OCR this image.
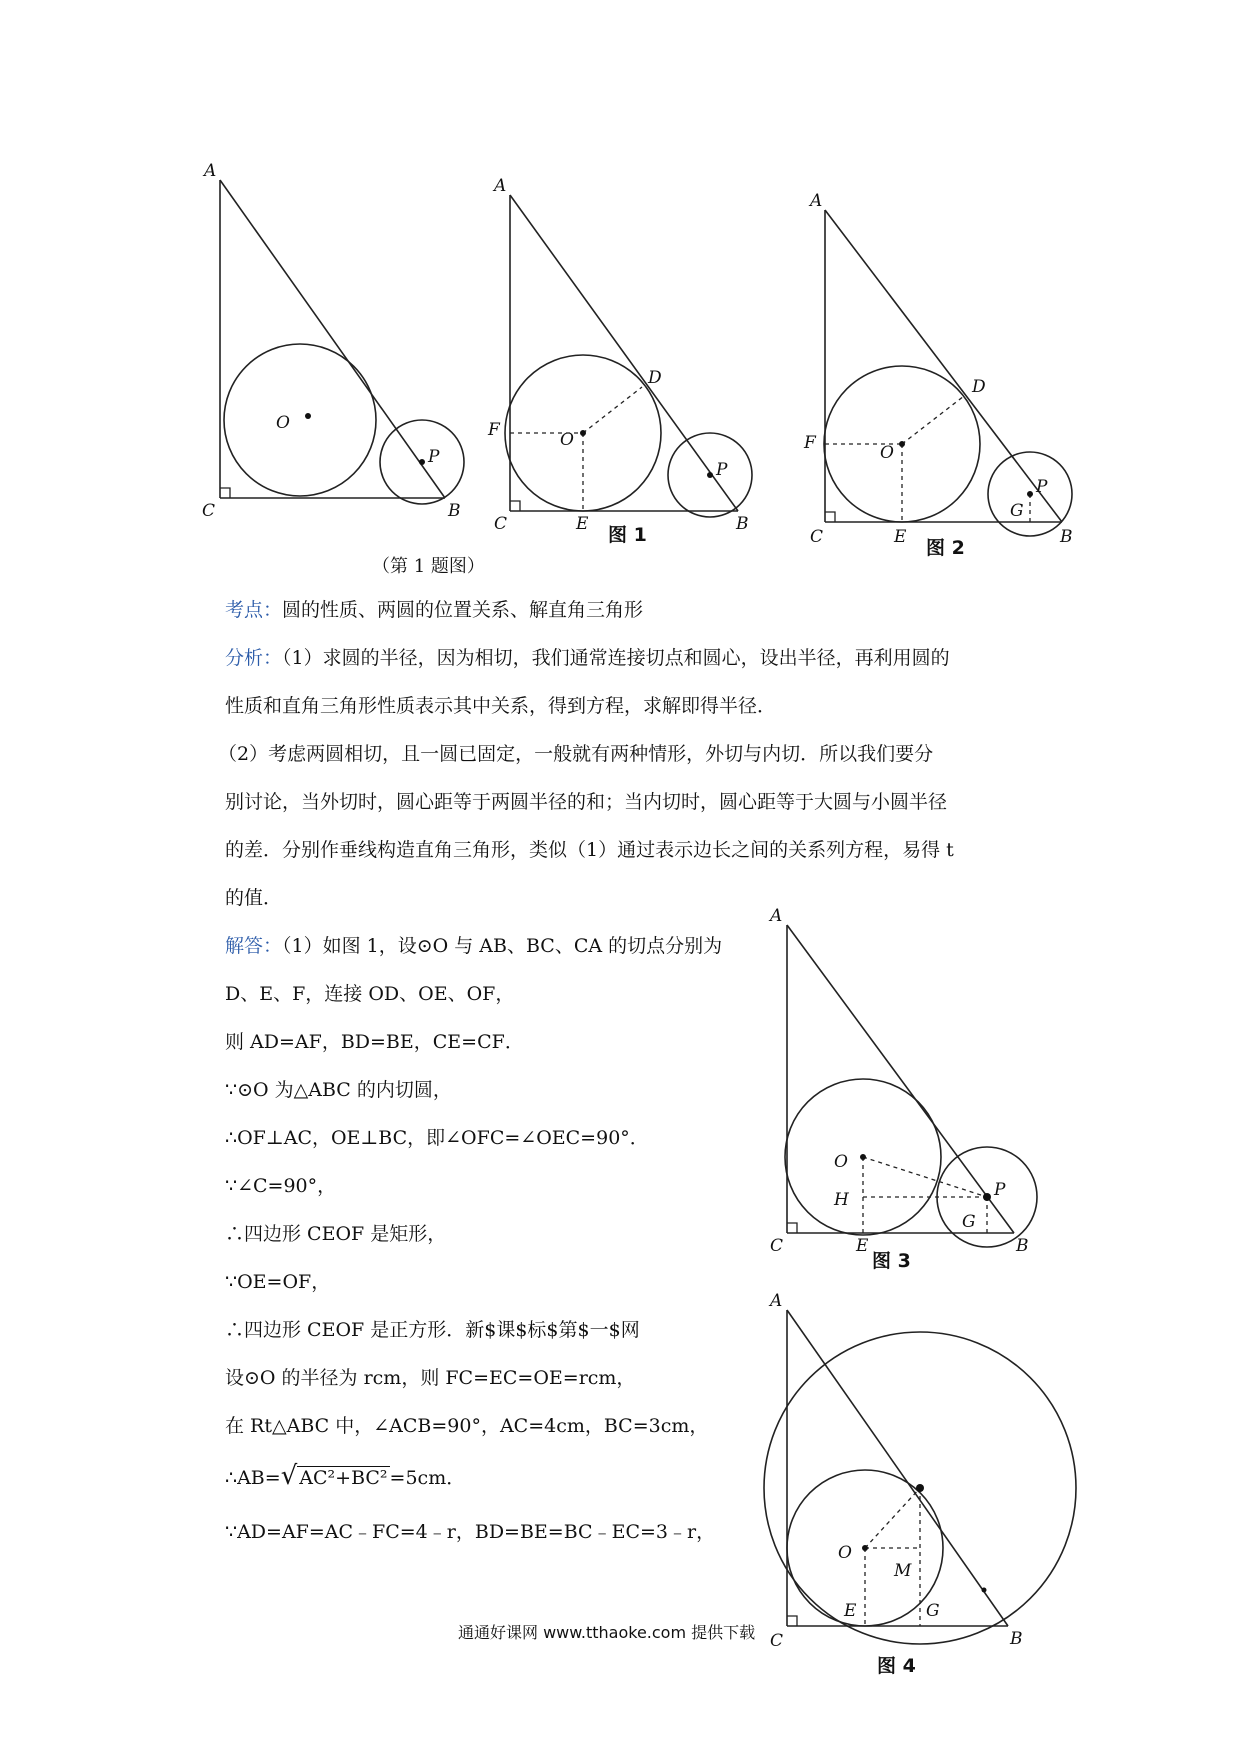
A
C	B
O
P
（第 1 题图）
A
F	O
D
P
C	E	B
图 1
A
F	O
D
P
G
C	E	B
图 2
A
O
H	P
G
C	E	B
图 3
A
O
M
E	G
C	B
图 4
考点：圆的性质、两圆的位置关系、解直角三角形
分析：（1）求圆的半径，因为相切，我们通常连接切点和圆心，设出半径，再利用圆的
性质和直角三角形性质表示其中关系，得到方程，求解即得半径．
（2）考虑两圆相切，且一圆已固定，一般就有两种情形，外切与内切．所以我们要分
别讨论，当外切时，圆心距等于两圆半径的和；当内切时，圆心距等于大圆与小圆半径
的差．分别作垂线构造直角三角形，类似（1）通过表示边长之间的关系列方程，易得 t
的值．
解答：（1）如图 1，设⊙O 与 AB、BC、CA 的切点分别为
D、E、F，连接 OD、OE、OF，
则 AD=AF，BD=BE，CE=CF．
∵⊙O 为△ABC 的内切圆，
∴OF⊥AC，OE⊥BC，即∠OFC=∠OEC=90°．
∵∠C=90°，
∴四边形 CEOF 是矩形，
∵OE=OF，
∴四边形 CEOF 是正方形．新$课$标$第$一$网
设⊙O 的半径为 rcm，则 FC=EC=OE=rcm，
在 Rt△ABC 中，∠ACB=90°，AC=4cm，BC=3cm，
∴AB=√ AC²+BC² =5cm．
∵AD=AF=AC﹣FC=4﹣r，BD=BE=BC﹣EC=3﹣r，
通通好课网 www.tthaoke.com 提供下载
